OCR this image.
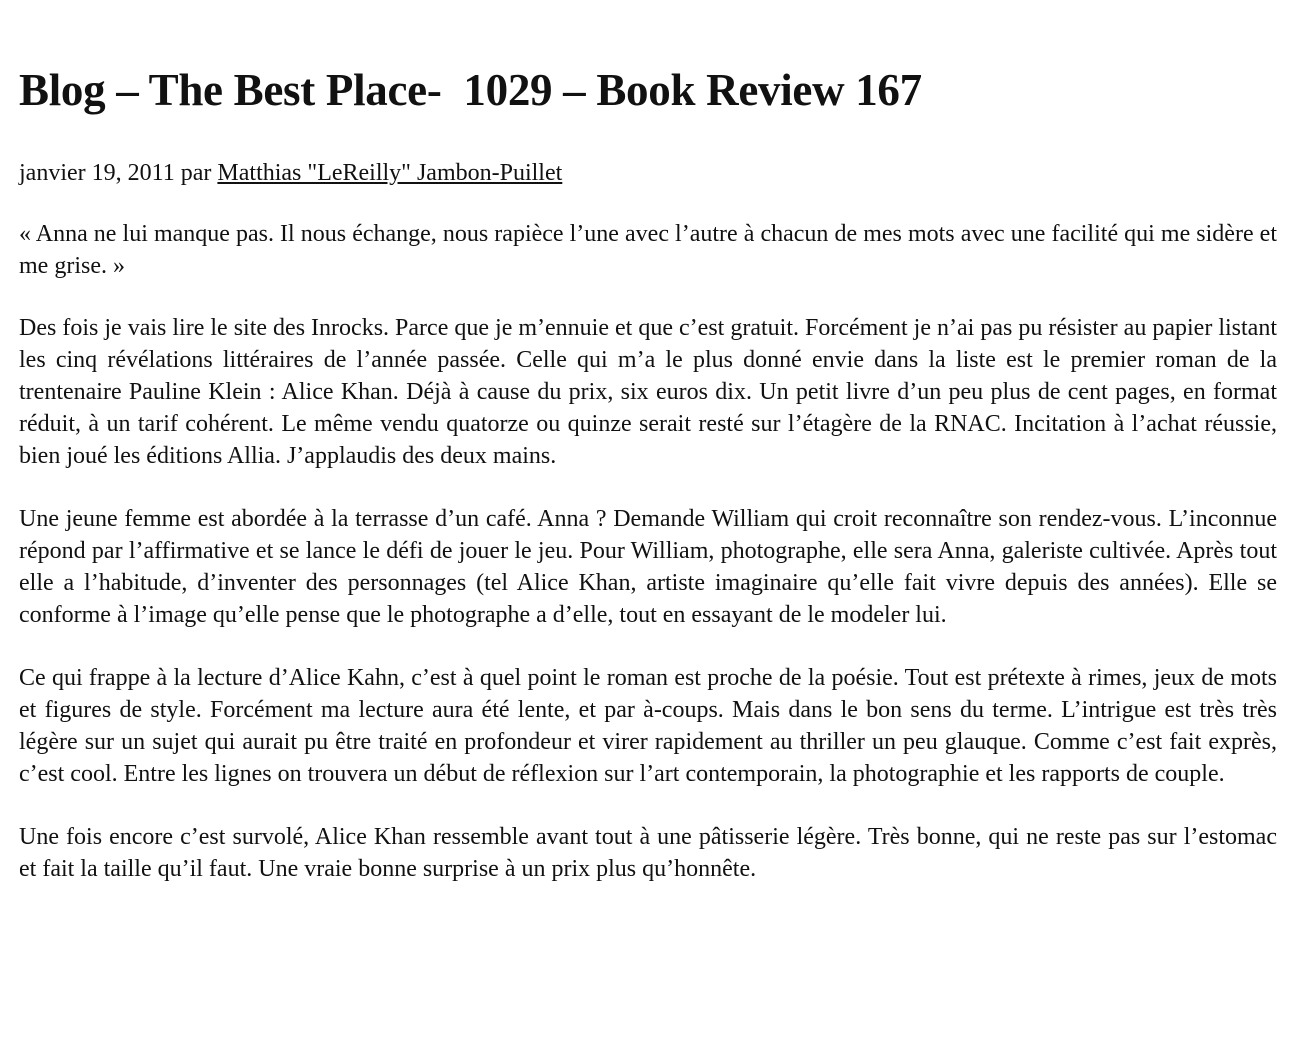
Blog – The Best Place-  1029 – Book Review 167
janvier 19, 2011 par Matthias "LeReilly" Jambon-Puillet

« Anna ne lui manque pas. Il nous échange, nous rapièce l’une avec l’autre à chacun de mes mots avec une facilité qui me sidère et me grise. »

Des fois je vais lire le site des Inrocks. Parce que je m’ennuie et que c’est gratuit. Forcément je n’ai pas pu résister au papier listant les cinq révélations littéraires de l’année passée. Celle qui m’a le plus donné envie dans la liste est le premier roman de la trentenaire Pauline Klein : Alice Khan. Déjà à cause du prix, six euros dix. Un petit livre d’un peu plus de cent pages, en format réduit, à un tarif cohérent. Le même vendu quatorze ou quinze serait resté sur l’étagère de la RNAC. Incitation à l’achat réussie, bien joué les éditions Allia. J’applaudis des deux mains.

Une jeune femme est abordée à la terrasse d’un café. Anna ? Demande William qui croit reconnaître son rendez-vous. L’inconnue répond par l’affirmative et se lance le défi de jouer le jeu. Pour William, photographe, elle sera Anna, galeriste cultivée. Après tout elle a l’habitude, d’inventer des personnages (tel Alice Khan, artiste imaginaire qu’elle fait vivre depuis des années). Elle se conforme à l’image qu’elle pense que le photographe a d’elle, tout en essayant de le modeler lui.

Ce qui frappe à la lecture d’Alice Kahn, c’est à quel point le roman est proche de la poésie. Tout est prétexte à rimes, jeux de mots et figures de style. Forcément ma lecture aura été lente, et par à-coups. Mais dans le bon sens du terme. L’intrigue est très très légère sur un sujet qui aurait pu être traité en profondeur et virer rapidement au thriller un peu glauque. Comme c’est fait exprès, c’est cool. Entre les lignes on trouvera un début de réflexion sur l’art contemporain, la photographie et les rapports de couple.

Une fois encore c’est survolé, Alice Khan ressemble avant tout à une pâtisserie légère. Très bonne, qui ne reste pas sur l’estomac et fait la taille qu’il faut. Une vraie bonne surprise à un prix plus qu’honnête.
